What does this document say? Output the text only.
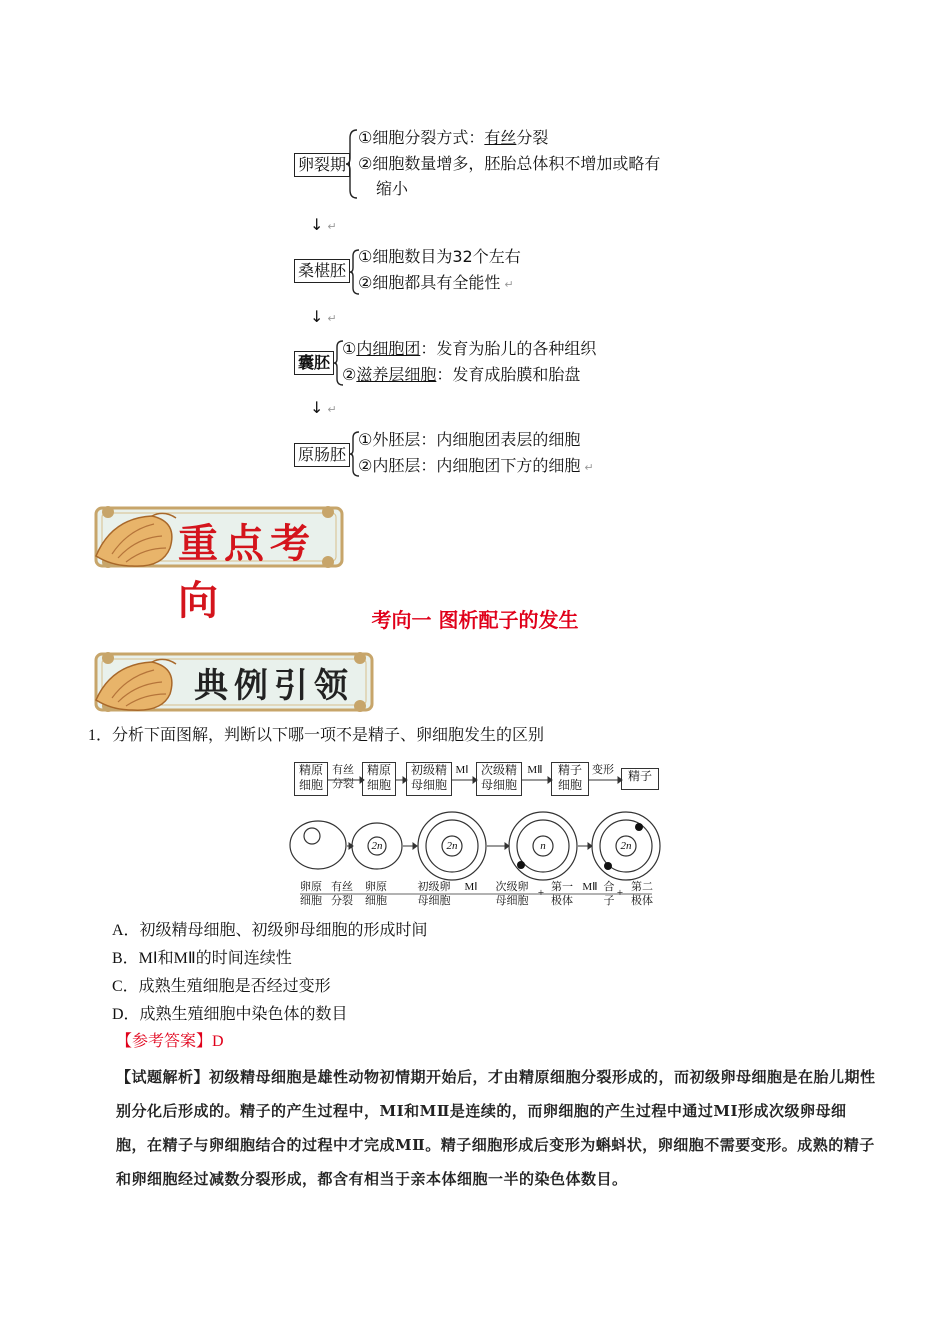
卵裂期
①细胞分裂方式：有丝分裂
②细胞数量增多，胚胎总体积不增加或略有
缩小
↓ ↵
桑椹胚
①细胞数目为32个左右
②细胞都具有全能性 ↵
↓ ↵
囊胚
①内细胞团：发育为胎儿的各种组织
②滋养层细胞：发育成胎膜和胎盘
↓ ↵
原肠胚
①外胚层：内细胞团表层的细胞
②内胚层：内细胞团下方的细胞 ↵
重点考向	考向一 图析配子的发生
典例引领
1．分析下面图解，判断以下哪一项不是精子、卵细胞发生的区别
精原
细胞
有丝
分裂
精原
细胞
初级精
母细胞
MⅠ	次级精
母细胞
MⅡ	精子
细胞
变形	精子
2n	2n	n	2n
卵原
细胞
有丝
分裂
卵原
细胞
初级卵
母细胞
MⅠ	次级卵
母细胞
+ 第一
极体
MⅡ 合
子
+ 第二
极体
A．初级精母细胞、初级卵母细胞的形成时间
B．MⅠ和MⅡ的时间连续性
C．成熟生殖细胞是否经过变形
D．成熟生殖细胞中染色体的数目
【参考答案】D
【试题解析】初级精母细胞是雄性动物初情期开始后，才由精原细胞分裂形成的，而初级卵母细胞是在胎儿期性别分化后形成的。精子的产生过程中，MⅠ和MⅡ是连续的，而卵细胞的产生过程中通过MⅠ形成次级卵母细胞，在精子与卵细胞结合的过程中才完成MⅡ。精子细胞形成后变形为蝌蚪状，卵细胞不需要变形。成熟的精子和卵细胞经过减数分裂形成，都含有相当于亲本体细胞一半的染色体数目。
